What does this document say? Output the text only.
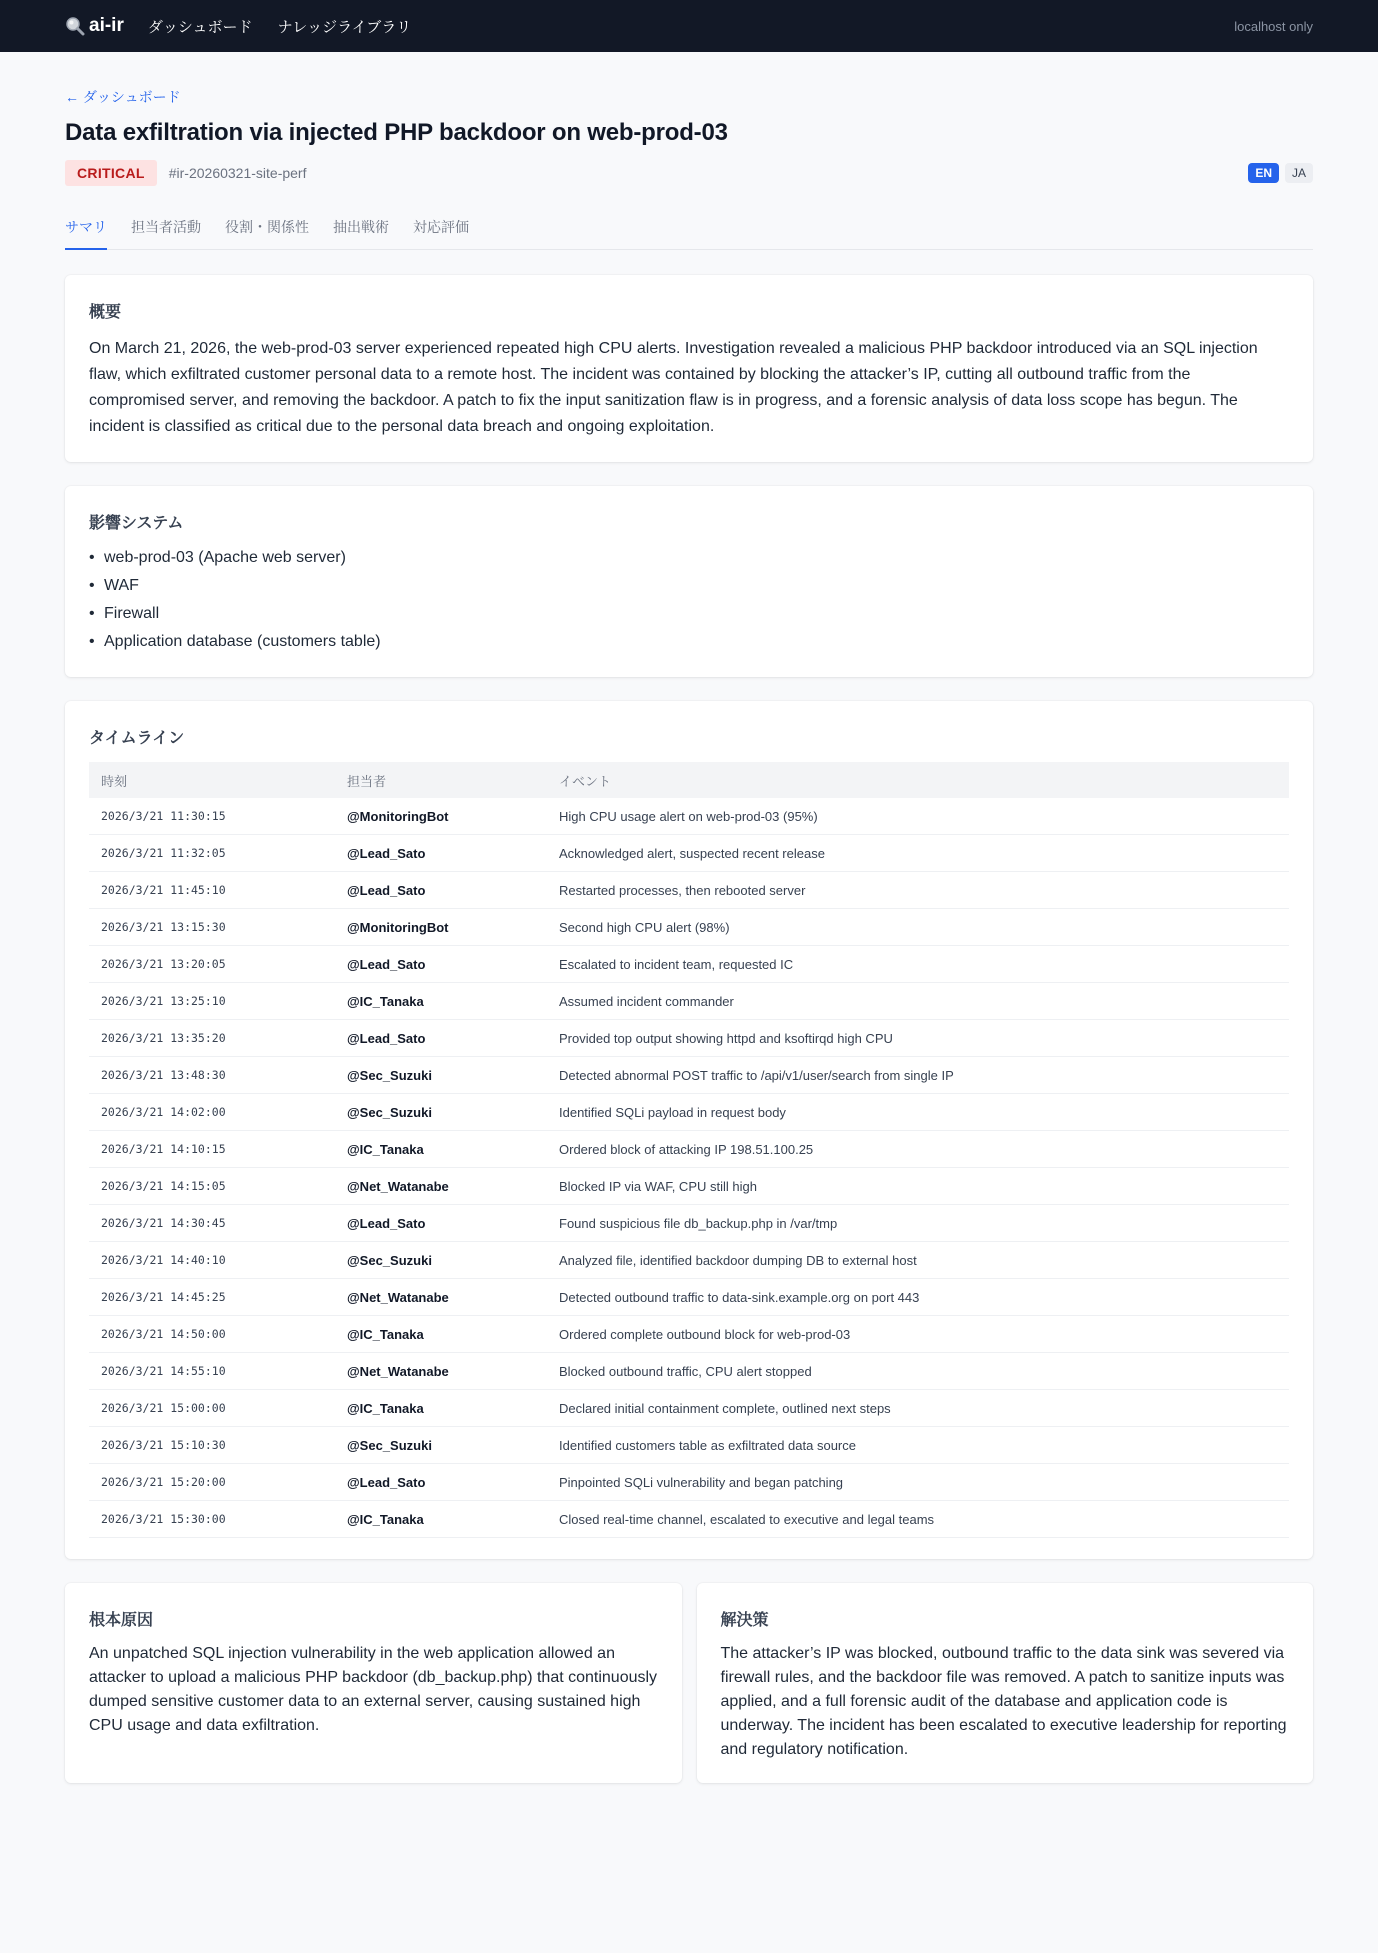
ai-ir ダッシュボード ナレッジライブラリ	localhost only
← ダッシュボード
Data exfiltration via injected PHP backdoor on web-prod-03
CRITICAL	#ir-20260321-site-perf	EN	JA
サマリ 担当者活動 役割・関係性 抽出戦術 対応評価
概要
On March 21, 2026, the web-prod-03 server experienced repeated high CPU alerts. Investigation revealed a malicious PHP backdoor introduced via an SQL injection flaw, which exfiltrated customer personal data to a remote host. The incident was contained by blocking the attacker’s IP, cutting all outbound traffic from the compromised server, and removing the backdoor. A patch to fix the input sanitization flaw is in progress, and a forensic analysis of data loss scope has begun. The incident is classified as critical due to the personal data breach and ongoing exploitation.
影響システム
• web-prod-03 (Apache web server)
• WAF
• Firewall
• Application database (customers table)
タイムライン
時刻	担当者	イベント
2026/3/21 11:30:15	@MonitoringBot	High CPU usage alert on web-prod-03 (95%)
2026/3/21 11:32:05	@Lead_Sato	Acknowledged alert, suspected recent release
2026/3/21 11:45:10	@Lead_Sato	Restarted processes, then rebooted server
2026/3/21 13:15:30	@MonitoringBot	Second high CPU alert (98%)
2026/3/21 13:20:05	@Lead_Sato	Escalated to incident team, requested IC
2026/3/21 13:25:10	@IC_Tanaka	Assumed incident commander
2026/3/21 13:35:20	@Lead_Sato	Provided top output showing httpd and ksoftirqd high CPU
2026/3/21 13:48:30	@Sec_Suzuki	Detected abnormal POST traffic to /api/v1/user/search from single IP
2026/3/21 14:02:00	@Sec_Suzuki	Identified SQLi payload in request body
2026/3/21 14:10:15	@IC_Tanaka	Ordered block of attacking IP 198.51.100.25
2026/3/21 14:15:05	@Net_Watanabe	Blocked IP via WAF, CPU still high
2026/3/21 14:30:45	@Lead_Sato	Found suspicious file db_backup.php in /var/tmp
2026/3/21 14:40:10	@Sec_Suzuki	Analyzed file, identified backdoor dumping DB to external host
2026/3/21 14:45:25	@Net_Watanabe	Detected outbound traffic to data-sink.example.org on port 443
2026/3/21 14:50:00	@IC_Tanaka	Ordered complete outbound block for web-prod-03
2026/3/21 14:55:10	@Net_Watanabe	Blocked outbound traffic, CPU alert stopped
2026/3/21 15:00:00	@IC_Tanaka	Declared initial containment complete, outlined next steps
2026/3/21 15:10:30	@Sec_Suzuki	Identified customers table as exfiltrated data source
2026/3/21 15:20:00	@Lead_Sato	Pinpointed SQLi vulnerability and began patching
2026/3/21 15:30:00	@IC_Tanaka	Closed real-time channel, escalated to executive and legal teams
根本原因
An unpatched SQL injection vulnerability in the web application allowed an attacker to upload a malicious PHP backdoor (db_backup.php) that continuously dumped sensitive customer data to an external server, causing sustained high CPU usage and data exfiltration.
解決策
The attacker’s IP was blocked, outbound traffic to the data sink was severed via firewall rules, and the backdoor file was removed. A patch to sanitize inputs was applied, and a full forensic audit of the database and application code is underway. The incident has been escalated to executive leadership for reporting and regulatory notification.
